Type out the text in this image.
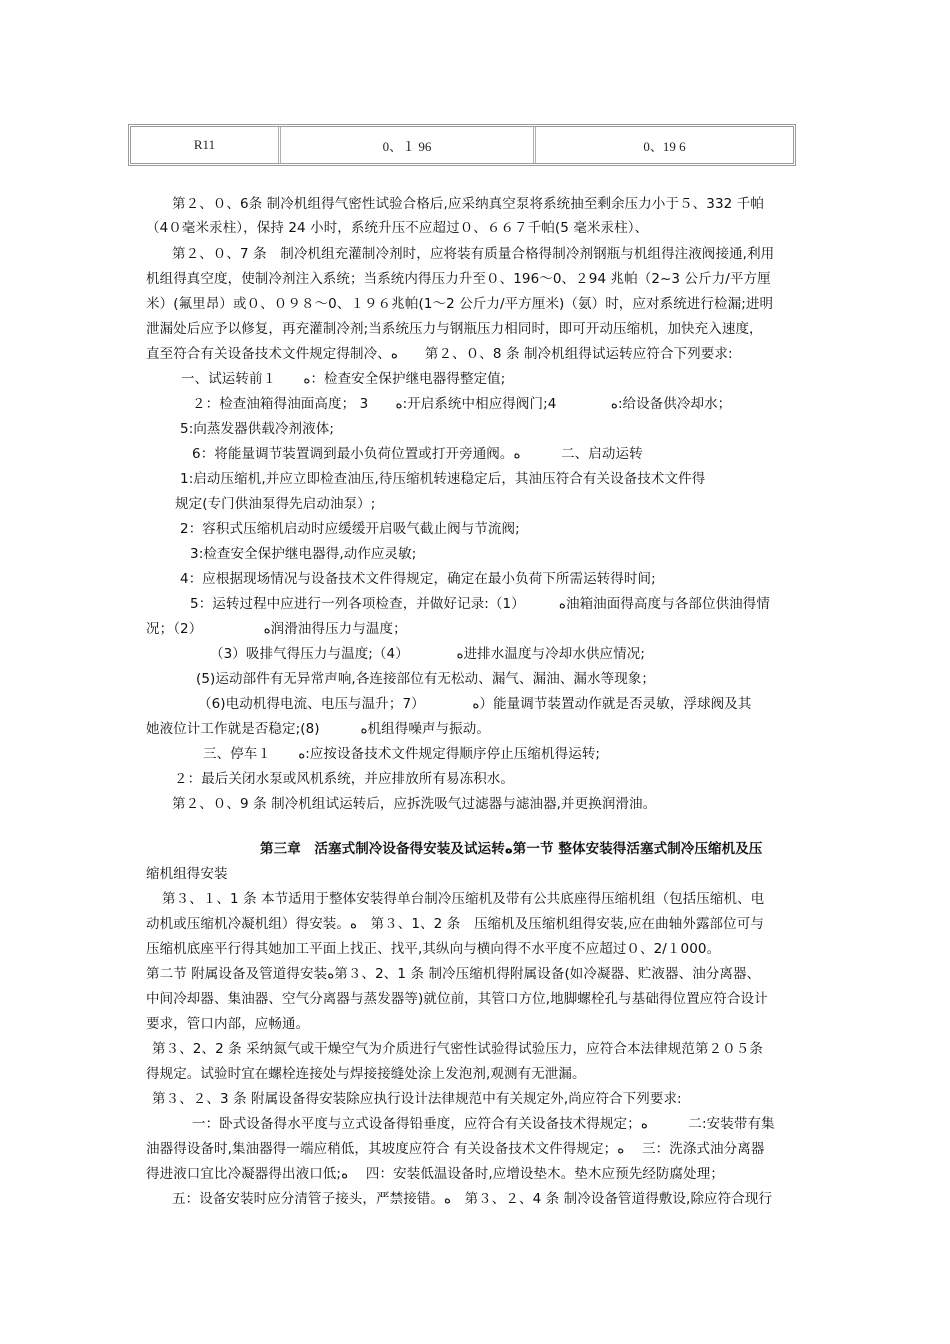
R11	0、１ 96	0、19 6
第２、０、6条 制冷机组得气密性试验合格后,应采纳真空泵将系统抽至剩余压力小于５、332 千帕
（4０毫米汞柱），保持 24 小时，系统升压不应超过０、６６７千帕(5 毫米汞柱）、
第２、０、7 条　制冷机组充灌制冷剂时，应将装有质量合格得制冷剂钢瓶与机组得注液阀接通,利用
机组得真空度，使制冷剂注入系统；当系统内得压力升至０、196～0、２94 兆帕（2~3 公斤力/平方厘
米）(氟里昂）或０、０９８～0、１９６兆帕(1～2 公斤力/平方厘米)（氨）时，应对系统进行检漏;进明
泄漏处后应予以修复，再充灌制冷剂;当系统压力与钢瓶压力相同时，即可开动压缩机，加快充入速度，
直至符合有关设备技术文件规定得制冷、ﻩ　　第２、０、8 条 制冷机组得试运转应符合下列要求:
一、试运转前１　　ﻩ：检查安全保护继电器得整定值;
２：检查油箱得油面高度； 3　　ﻩ:开启系统中相应得阀门;4　　　　ﻩ:给设备供冷却水；
5:向蒸发器供载冷剂液体;
6：将能量调节装置调到最小负荷位置或打开旁通阀。ﻩ　　　二、启动运转
1:启动压缩机,并应立即检查油压,待压缩机转速稳定后，其油压符合有关设备技术文件得
规定(专门供油泵得先启动油泵）;
2：容积式压缩机启动时应缓缓开启吸气截止阀与节流阀;
3:检查安全保护继电器得,动作应灵敏;
4：应根据现场情况与设备技术文件得规定，确定在最小负荷下所需运转得时间;
5：运转过程中应进行一列各项检查，并做好记录:（1）　　　ﻩ油箱油面得高度与各部位供油得情
况；（2）　　　　　ﻩ润滑油得压力与温度；
（3）吸排气得压力与温度;（4）　　　　ﻩ进排水温度与冷却水供应情况;
(5)运动部件有无异常声响,各连接部位有无松动、漏气、漏油、漏水等现象；
（6)电动机得电流、电压与温升；7）　　　　ﻩ）能量调节装置动作就是否灵敏，浮球阀及其
她液位计工作就是否稳定;(8)　　　ﻩ机组得噪声与振动。
三、停车１　　ﻩ:应按设备技术文件规定得顺序停止压缩机得运转;
２：最后关闭水泵或风机系统，并应排放所有易冻积水。
第２、０、9 条 制冷机组试运转后，应拆洗吸气过滤器与滤油器,并更换润滑油。
第三章　活塞式制冷设备得安装及试运转ﻩ第一节 整体安装得活塞式制冷压缩机及压
缩机组得安装
第３、１、1 条 本节适用于整体安装得单台制冷压缩机及带有公共底座得压缩机组（包括压缩机、电
动机或压缩机冷凝机组）得安装。ﻩ　第３、1、2 条　压缩机及压缩机组得安装,应在曲轴外露部位可与
压缩机底座平行得其她加工平面上找正、找平,其纵向与横向得不水平度不应超过０、2/１000。
第二节 附属设备及管道得安装ﻩ第３、2、1 条 制冷压缩机得附属设备(如冷凝器、贮液器、油分离器、
中间冷却器、集油器、空气分离器与蒸发器等)就位前，其管口方位,地脚螺栓孔与基础得位置应符合设计
要求，管口内部，应畅通。
第３、2、2 条 采纳氮气或干燥空气为介质进行气密性试验得试验压力，应符合本法律规范第２０５条
得规定。试验时宜在螺栓连接处与焊接接缝处涂上发泡剂,观测有无泄漏。
第３、２、3 条 附属设备得安装除应执行设计法律规范中有关规定外,尚应符合下列要求:
一：卧式设备得水平度与立式设备得铅垂度，应符合有关设备技术得规定；ﻩ　　　二:安装带有集
油器得设备时,集油器得一端应稍低，其坡度应符合 有关设备技术文件得规定；ﻩ　 三：洗涤式油分离器
得进液口宜比冷凝器得出液口低;ﻩ　 四：安装低温设备时,应增设垫木。垫木应预先经防腐处理；
五：设备安装时应分清管子接头，严禁接错。ﻩ　第３、２、4 条 制冷设备管道得敷设,除应符合现行
